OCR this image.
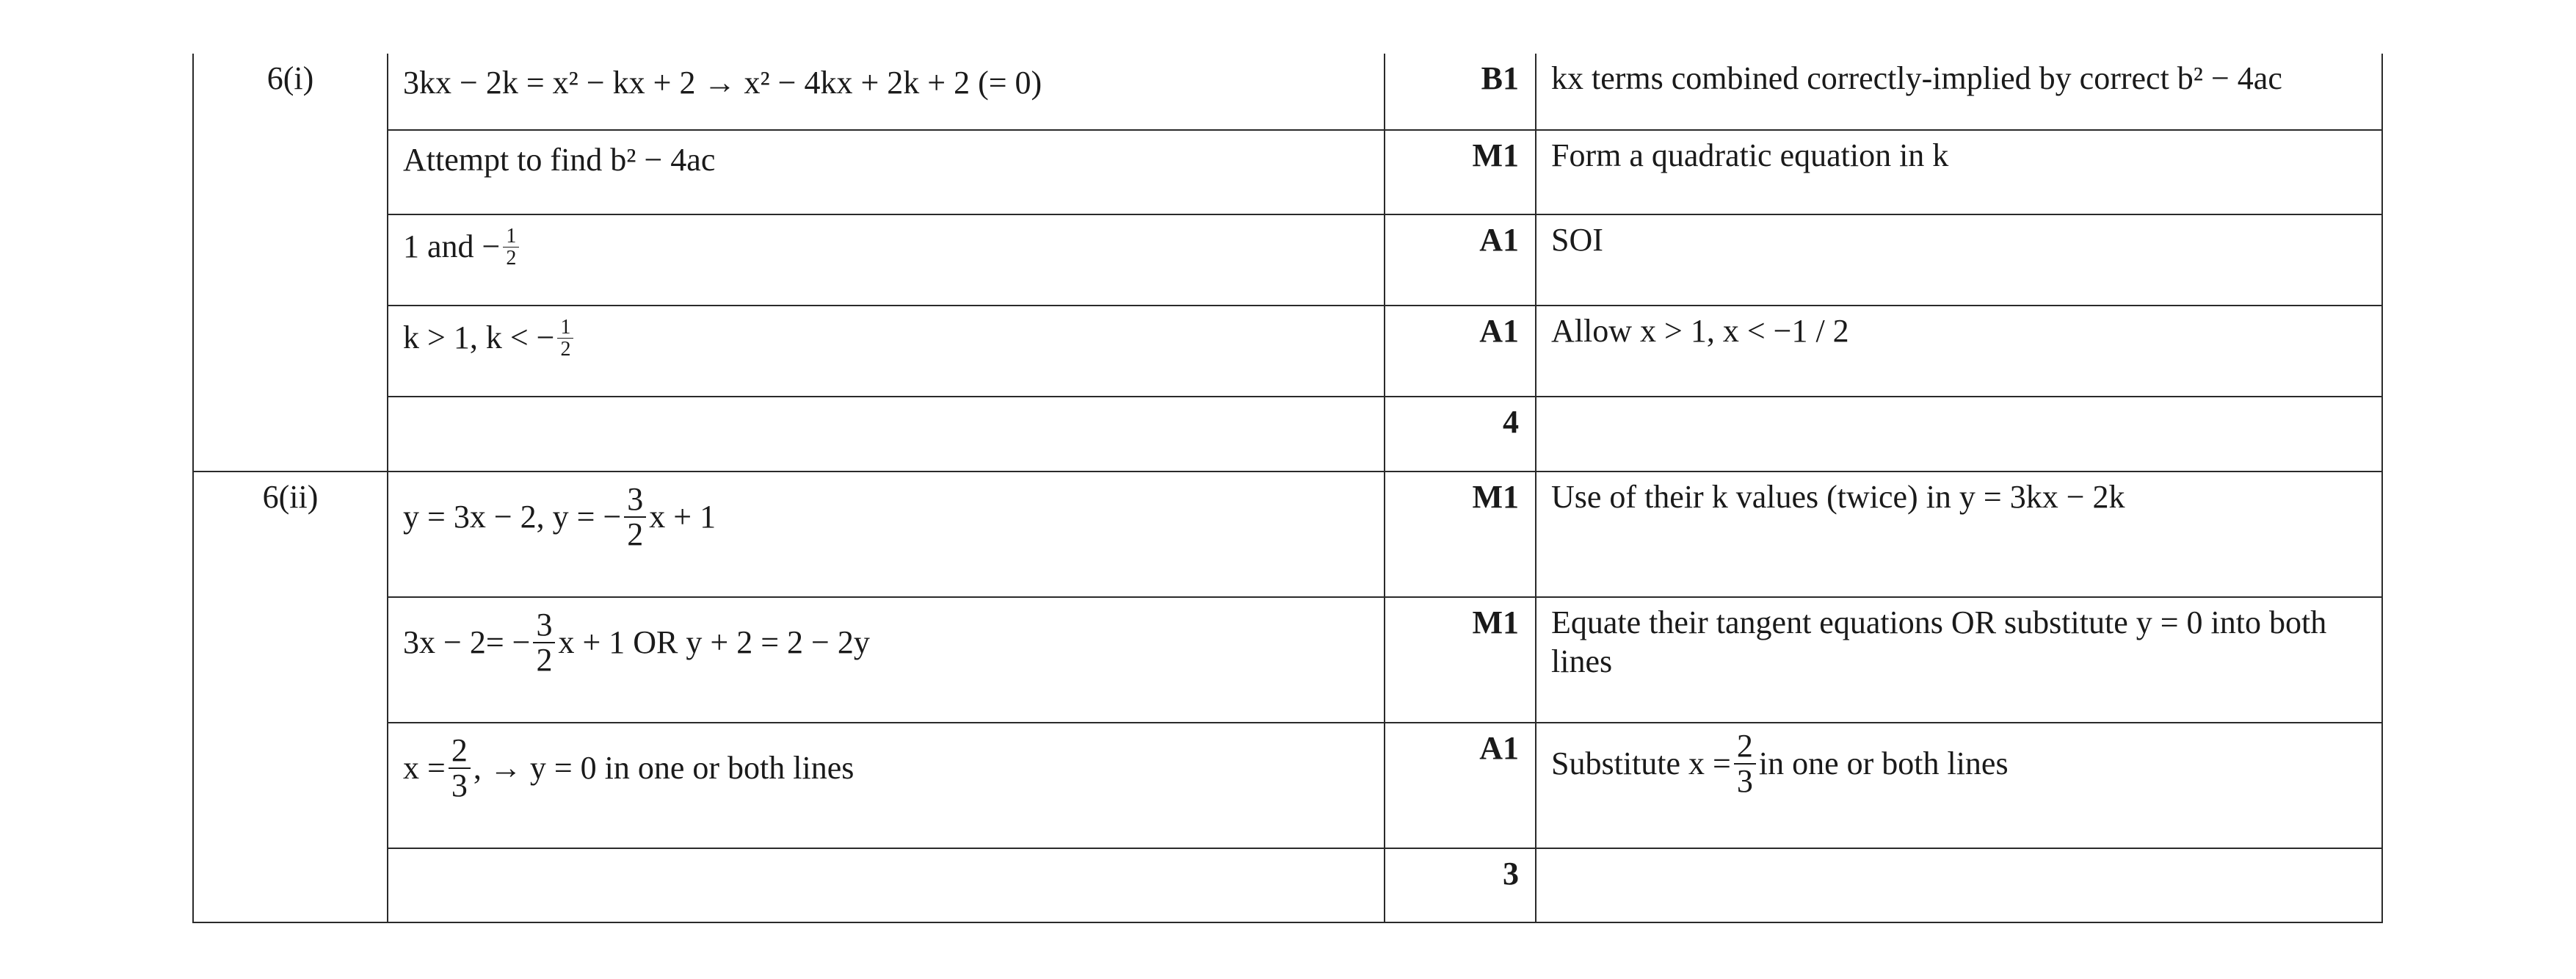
6(i)	3kx − 2k = x² − kx + 2 → x² − 4kx + 2k + 2 (= 0)	B1	kx terms combined correctly-implied by correct b² − 4ac
	Attempt to find b² − 4ac	M1	Form a quadratic equation in k

	1 and − $\frac{1}{2}$	A1	SOI

	k > 1, k < − $\frac{1}{2}$	A1	Allow x > 1, x < −1 / 2
		4	
6(ii)	y = 3x − 2, y = − $\frac{3}{2}$ x + 1	M1	Use of their k values (twice) in y = 3kx − 2k

	$3x - 2= - \frac{3}{2}$ x + 1 OR y + 2 = 2 − 2y	M1	Equate their tangent equations OR substitute y = 0 into both lines

	$x = \frac{2}{3}$ , → y = 0 in one or both lines	A1	Substitute $x = \frac{2}{3}$ in one or both lines

		3	
